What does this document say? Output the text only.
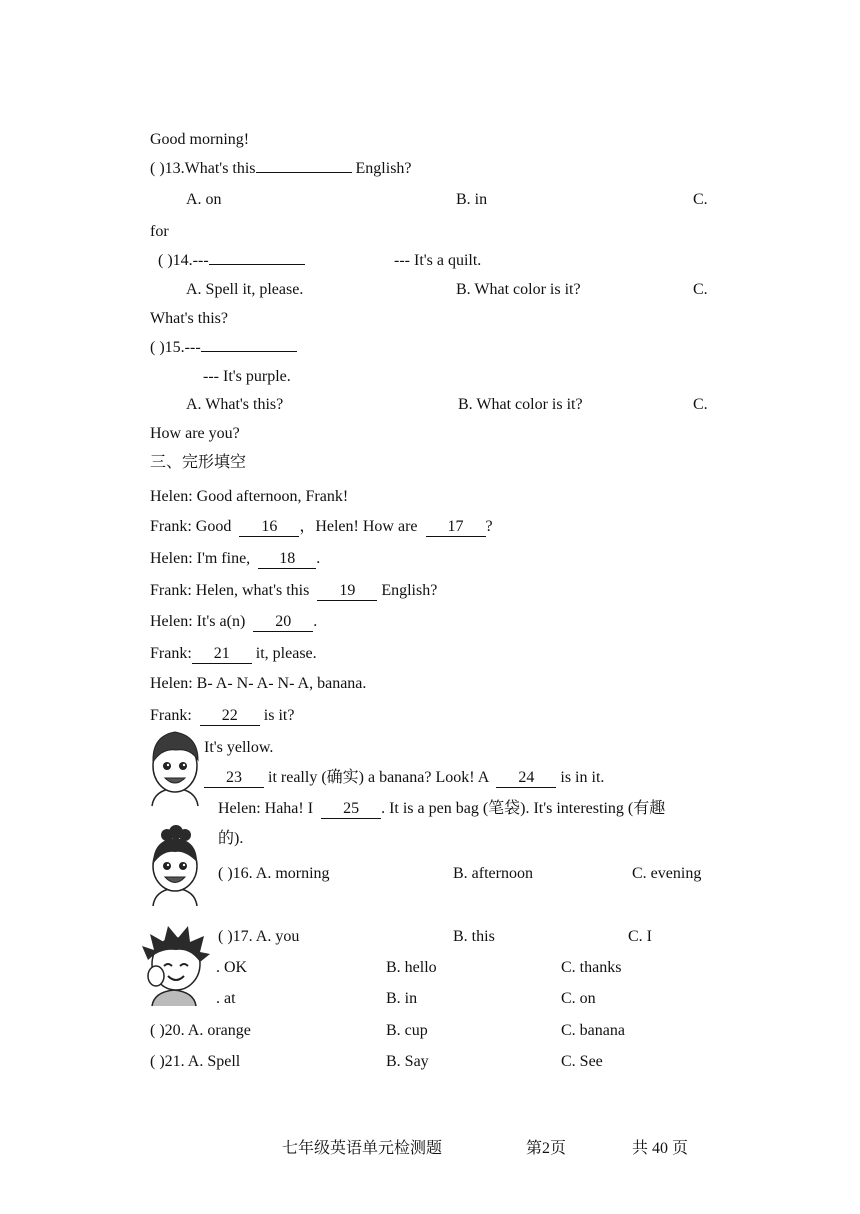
Good morning!
( )13.What's this	English?
A. on	B. in	C.
for
( )14.---	--- It's a quilt.
A. Spell it, please.	B. What color is it?	C.
What's this?
( )15.---
--- It's purple.
A. What's this?	B. What color is it?	C.
How are you?
三、完形填空
Helen: Good afternoon, Frank!
Frank: Good 16 ，Helen! How are 17 ?
Helen: I'm fine, 18 .
Frank: Helen, what's this 19 English?
Helen: It's a(n) 20 .
Frank: 21 it, please.
Helen: B- A- N- A- N- A, banana.
Frank: 22 is it?
It's yellow.
23 it really (确实) a banana? Look! A 24 is in it.
Helen: Haha! I 25 . It is a pen bag (笔袋). It's interesting (有趣
的).
( )16. A. morning	B. afternoon	C. evening
( )17. A. you	B. this	C. I
 . OK	B. hello	C. thanks
 . at	B. in	C. on
( )20. A. orange	B. cup	C. banana
( )21. A. Spell	B. Say	C. See
七年级英语单元检测题	第2页	共 40 页
